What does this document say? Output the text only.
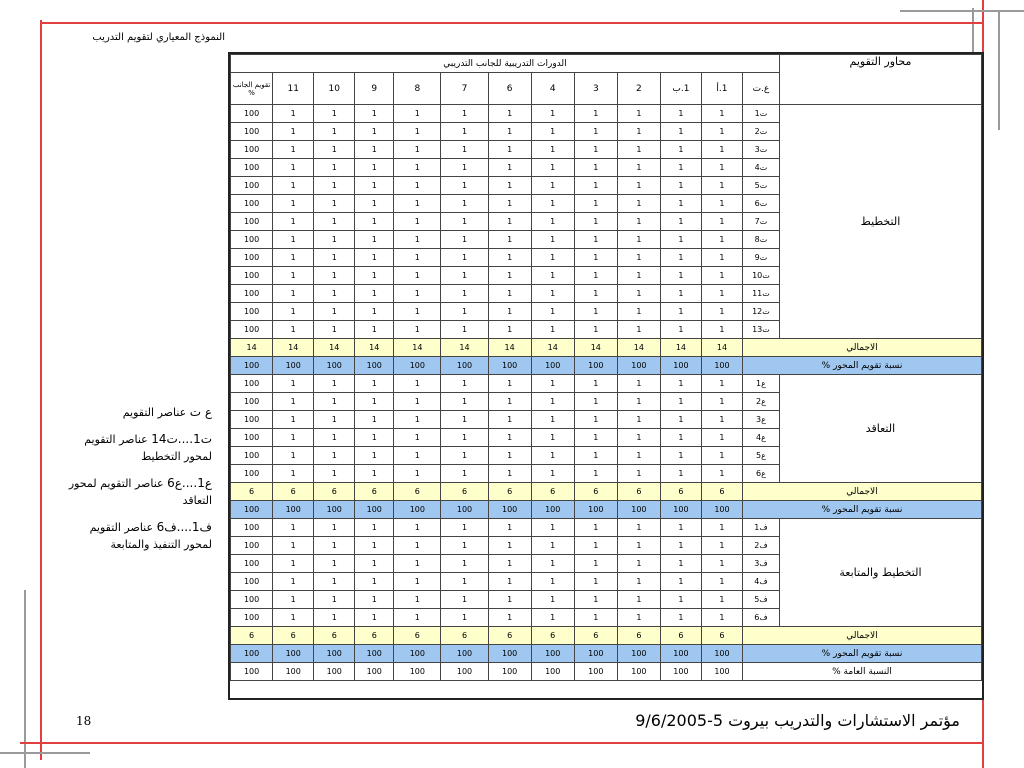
النموذج المعياري لتقويم التدريب
ع ت عناصر التقويم
ت1....ت14 عناصر التقويم لمحور التخطيط
ع1....ع6 عناصر التقويم لمحور التعاقد
ف1....ف6 عناصر التقويم لمحور التنفيذ والمتابعة
محاور التقويم	الدورات التدريبية للجانب التدريبي												
	ع.ت	1.أ	1.ب	2	3	4	6	7	8	9	10	11	تقويم الجانب %
التخطيط	ت1	1	1	1	1	1	1	1	1	1	1	1	100
	ت2	1	1	1	1	1	1	1	1	1	1	1	100
	ت3	1	1	1	1	1	1	1	1	1	1	1	100
	ت4	1	1	1	1	1	1	1	1	1	1	1	100
	ت5	1	1	1	1	1	1	1	1	1	1	1	100
	ت6	1	1	1	1	1	1	1	1	1	1	1	100
	ت7	1	1	1	1	1	1	1	1	1	1	1	100
	ت8	1	1	1	1	1	1	1	1	1	1	1	100
	ت9	1	1	1	1	1	1	1	1	1	1	1	100
	ت10	1	1	1	1	1	1	1	1	1	1	1	100
	ت11	1	1	1	1	1	1	1	1	1	1	1	100
	ت12	1	1	1	1	1	1	1	1	1	1	1	100
	ت13	1	1	1	1	1	1	1	1	1	1	1	100
الاجمالي		14	14	14	14	14	14	14	14	14	14	14	14
نسبة تقويم المحور %		100	100	100	100	100	100	100	100	100	100	100	100
التعاقد	ع1	1	1	1	1	1	1	1	1	1	1	1	100
	ع2	1	1	1	1	1	1	1	1	1	1	1	100
	ع3	1	1	1	1	1	1	1	1	1	1	1	100
	ع4	1	1	1	1	1	1	1	1	1	1	1	100
	ع5	1	1	1	1	1	1	1	1	1	1	1	100
	ع6	1	1	1	1	1	1	1	1	1	1	1	100
الاجمالي		6	6	6	6	6	6	6	6	6	6	6	6
نسبة تقويم المحور %		100	100	100	100	100	100	100	100	100	100	100	100
التخطيط والمتابعة	ف1	1	1	1	1	1	1	1	1	1	1	1	100
	ف2	1	1	1	1	1	1	1	1	1	1	1	100
	ف3	1	1	1	1	1	1	1	1	1	1	1	100
	ف4	1	1	1	1	1	1	1	1	1	1	1	100
	ف5	1	1	1	1	1	1	1	1	1	1	1	100
	ف6	1	1	1	1	1	1	1	1	1	1	1	100
الاجمالي		6	6	6	6	6	6	6	6	6	6	6	6
نسبة تقويم المحور %		100	100	100	100	100	100	100	100	100	100	100	100
النسبة العامة %		100	100	100	100	100	100	100	100	100	100	100	100
18	مؤتمر الاستشارات والتدريب بيروت 5-9/6/2005
